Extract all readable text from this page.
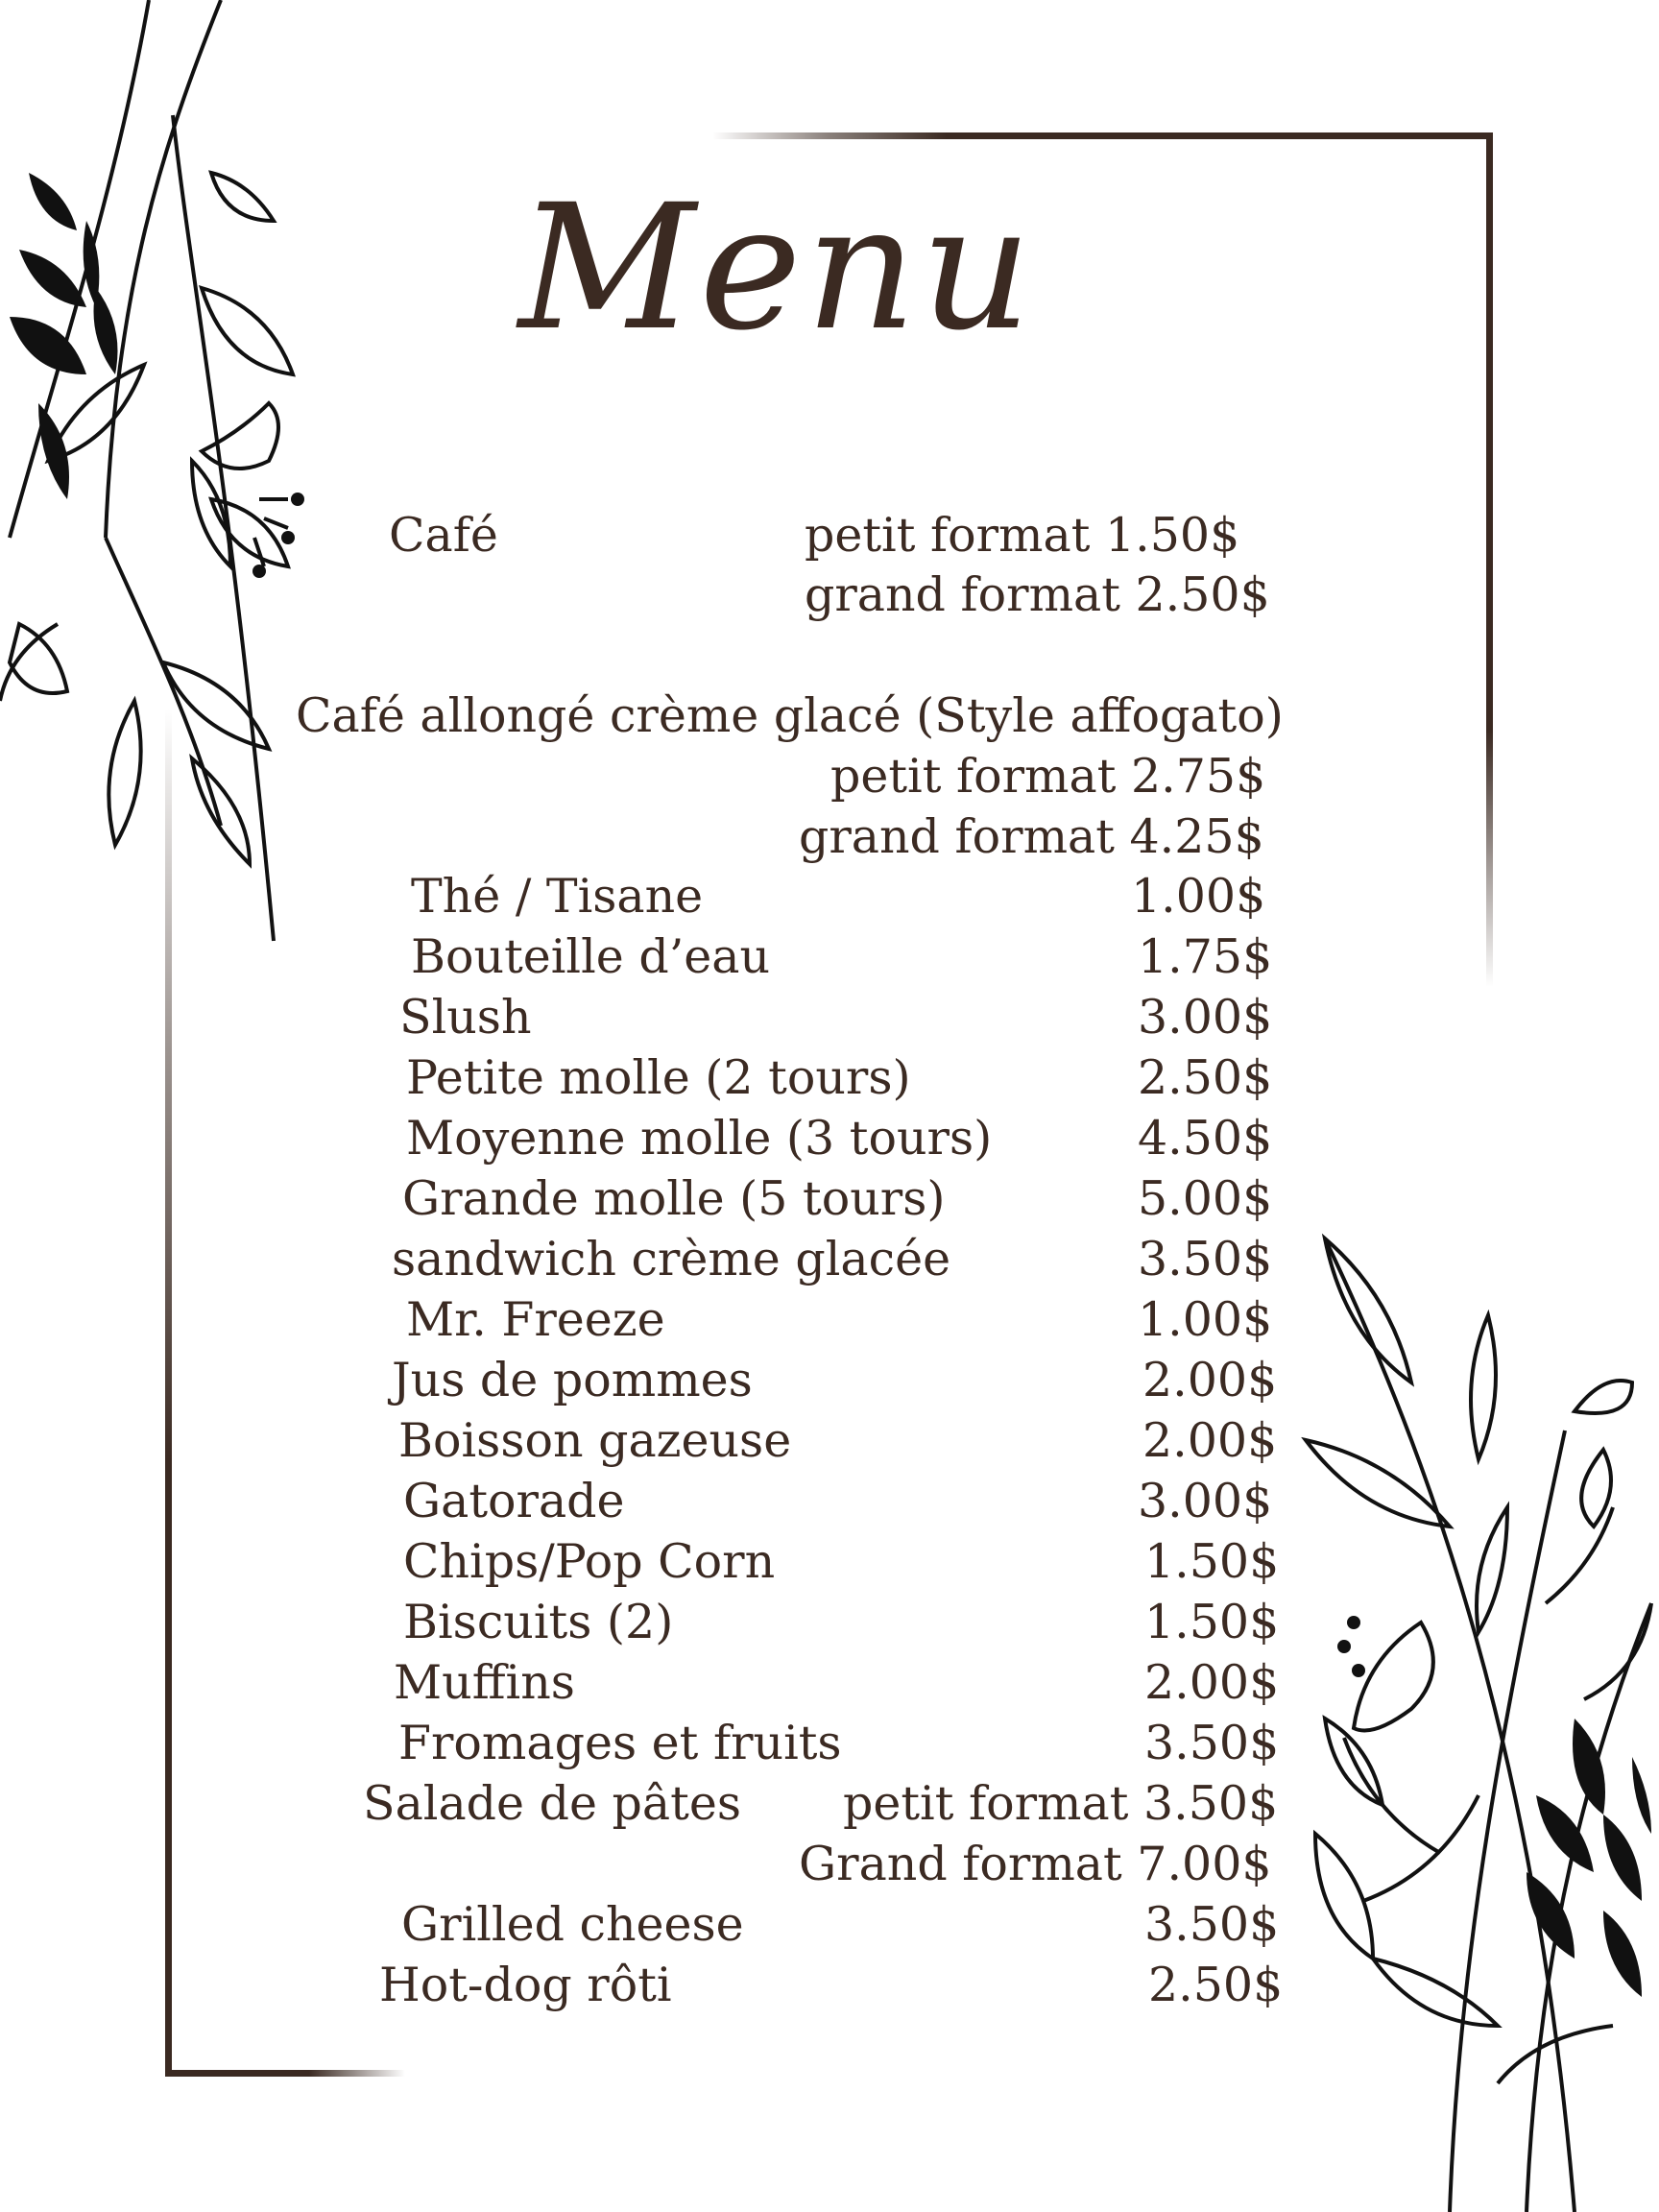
Menu
Café	petit format 1.50$
grand format 2.50$
Café allongé crème glacé (Style affogato)
petit format 2.75$
grand format 4.25$
Thé / Tisane	1.00$
Bouteille d’eau	1.75$
Slush	3.00$
Petite molle (2 tours)	2.50$
Moyenne molle (3 tours)	4.50$
Grande molle (5 tours)	5.00$
sandwich crème glacée	3.50$
Mr. Freeze	1.00$
Jus de pommes	2.00$
Boisson gazeuse	2.00$
Gatorade	3.00$
Chips/Pop Corn	1.50$
Biscuits (2)	1.50$
Muffins	2.00$
Fromages et fruits	3.50$
Salade de pâtes petit format 3.50$
Grand format 7.00$
Grilled cheese	3.50$
Hot-dog rôti	2.50$
